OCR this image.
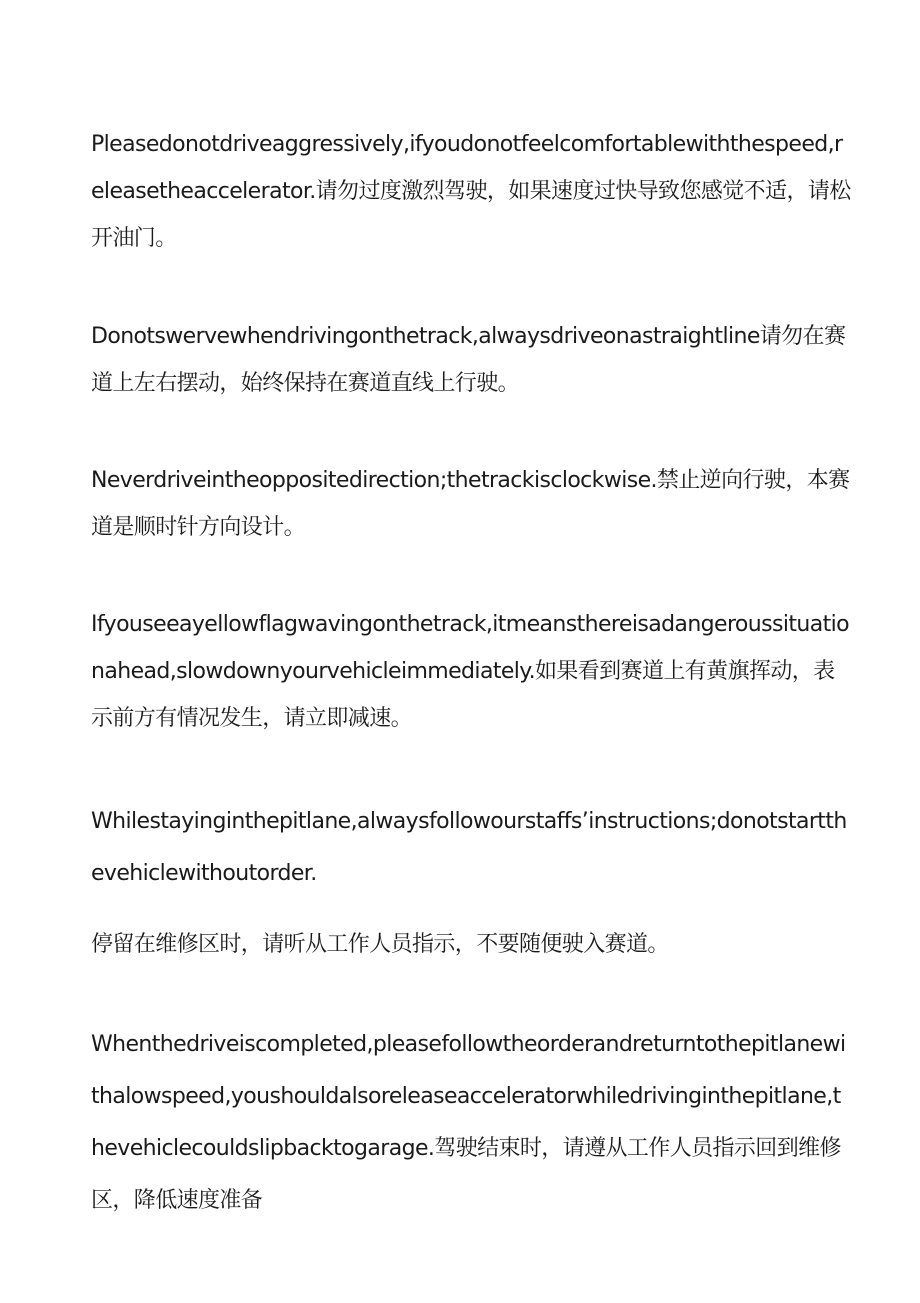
Pleasedonotdriveaggressively,ifyoudonotfeelcomfortablewiththespeed,releasetheaccelerator.请勿过度激烈驾驶，如果速度过快导致您感觉不适，请松开油门。

Donotswervewhendrivingonthetrack,alwaysdriveonastraightline请勿在赛道上左右摆动，始终保持在赛道直线上行驶。

Neverdriveintheoppositedirection;thetrackisclockwise.禁止逆向行驶，本赛道是顺时针方向设计。

Ifyouseeayellowflagwavingonthetrack,itmeansthereisadangeroussituationahead,slowdownyourvehicleimmediately.如果看到赛道上有黄旗挥动，表示前方有情况发生，请立即减速。

Whilestayinginthepitlane,alwaysfollowourstaffs’instructions;donotstartthevehiclewithoutorder.

停留在维修区时，请听从工作人员指示，不要随便驶入赛道。

Whenthedriveiscompleted,pleasefollowtheorderandreturntothepitlanewithalowspeed,youshouldalsoreleaseacceleratorwhiledrivinginthepitlane,thevehiclecouldslipbacktogarage.驾驶结束时，请遵从工作人员指示回到维修区，降低速度准备
